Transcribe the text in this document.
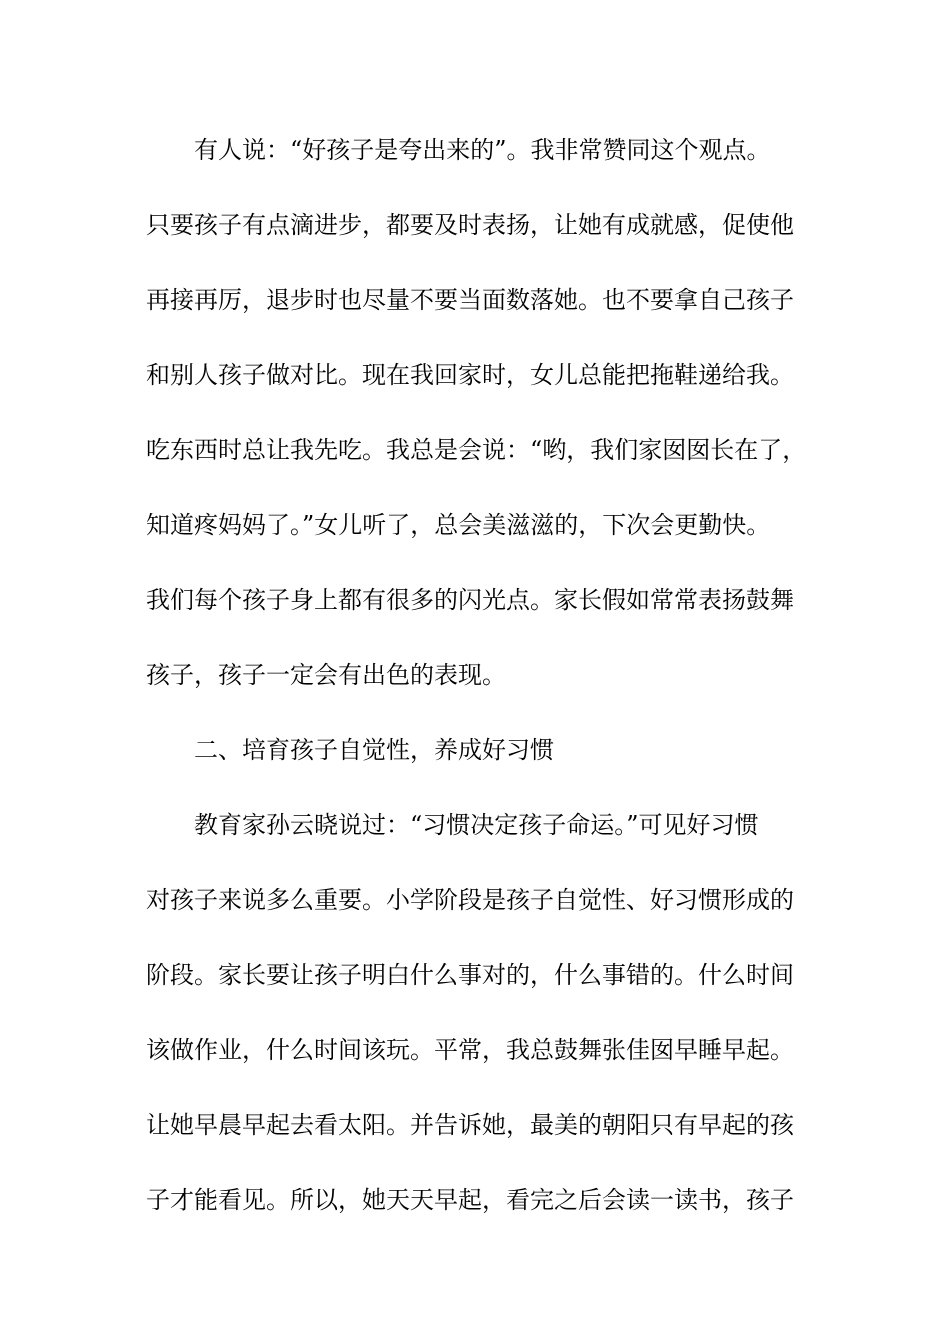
有人说：“好孩子是夸出来的”。我非常赞同这个观点。
只要孩子有点滴进步，都要及时表扬，让她有成就感，促使他
再接再厉，退步时也尽量不要当面数落她。也不要拿自己孩子
和别人孩子做对比。现在我回家时，女儿总能把拖鞋递给我。
吃东西时总让我先吃。我总是会说：“哟，我们家囡囡长在了，
知道疼妈妈了。”女儿听了，总会美滋滋的，下次会更勤快。
我们每个孩子身上都有很多的闪光点。家长假如常常表扬鼓舞
孩子，孩子一定会有出色的表现。
二、培育孩子自觉性，养成好习惯
教育家孙云晓说过：“习惯决定孩子命运。”可见好习惯
对孩子来说多么重要。小学阶段是孩子自觉性、好习惯形成的
阶段。家长要让孩子明白什么事对的，什么事错的。什么时间
该做作业，什么时间该玩。平常，我总鼓舞张佳囡早睡早起。
让她早晨早起去看太阳。并告诉她，最美的朝阳只有早起的孩
子才能看见。所以，她天天早起，看完之后会读一读书，孩子
